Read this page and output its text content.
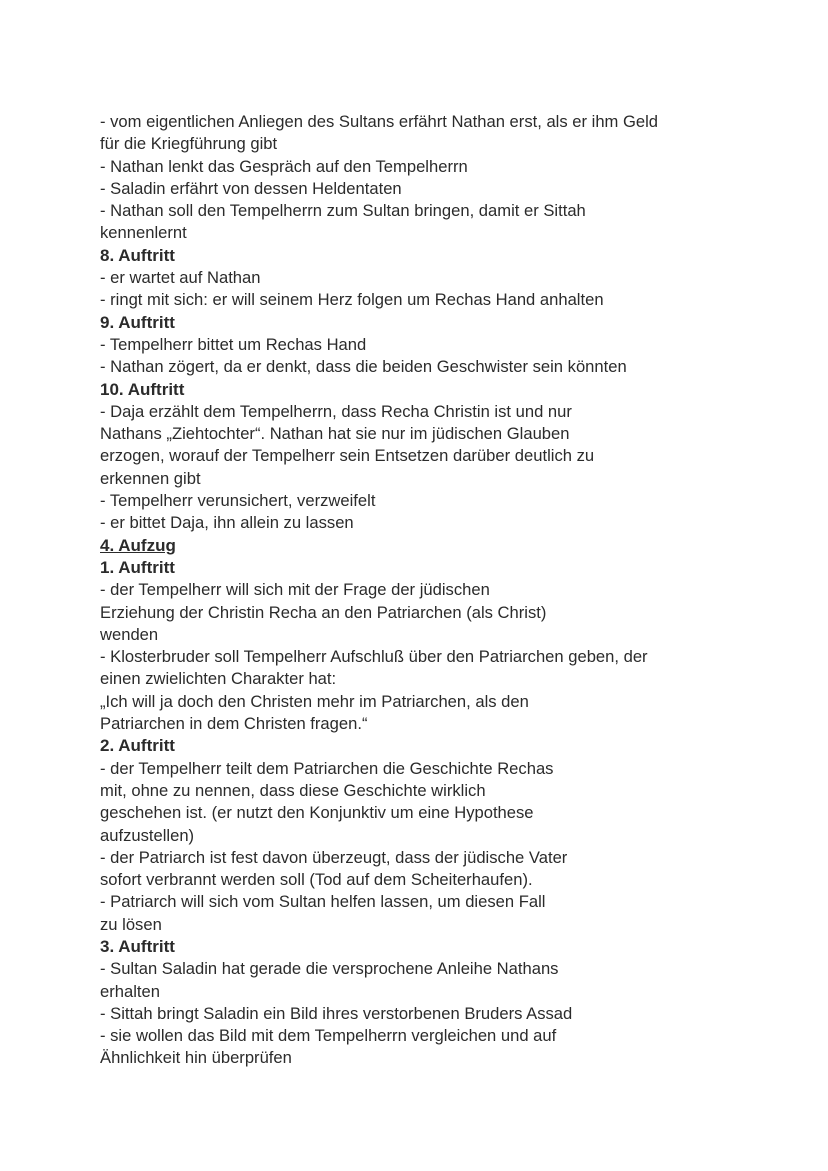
- vom eigentlichen Anliegen des Sultans erfährt Nathan erst, als er ihm Geld
für die Kriegführung gibt
- Nathan lenkt das Gespräch auf den Tempelherrn
- Saladin erfährt von dessen Heldentaten
- Nathan soll den Tempelherrn zum Sultan bringen, damit er Sittah
kennenlernt
8. Auftritt
- er wartet auf Nathan
- ringt mit sich: er will seinem Herz folgen um Rechas Hand anhalten
9. Auftritt
- Tempelherr bittet um Rechas Hand
- Nathan zögert, da er denkt, dass die beiden Geschwister sein könnten
10. Auftritt
- Daja erzählt dem Tempelherrn, dass Recha Christin ist und nur
Nathans „Ziehtochter“. Nathan hat sie nur im jüdischen Glauben
erzogen, worauf der Tempelherr sein Entsetzen darüber deutlich zu
erkennen gibt
- Tempelherr verunsichert, verzweifelt
- er bittet Daja, ihn allein zu lassen
4. Aufzug
1. Auftritt
- der Tempelherr will sich mit der Frage der jüdischen
Erziehung der Christin Recha an den Patriarchen (als Christ)
wenden
- Klosterbruder soll Tempelherr Aufschluß über den Patriarchen geben, der
einen zwielichten Charakter hat:
„Ich will ja doch den Christen mehr im Patriarchen, als den
Patriarchen in dem Christen fragen.“
2. Auftritt
- der Tempelherr teilt dem Patriarchen die Geschichte Rechas
mit, ohne zu nennen, dass diese Geschichte wirklich
geschehen ist. (er nutzt den Konjunktiv um eine Hypothese
aufzustellen)
- der Patriarch ist fest davon überzeugt, dass der jüdische Vater
sofort verbrannt werden soll (Tod auf dem Scheiterhaufen).
- Patriarch will sich vom Sultan helfen lassen, um diesen Fall
zu lösen
3. Auftritt
- Sultan Saladin hat gerade die versprochene Anleihe Nathans
erhalten
- Sittah bringt Saladin ein Bild ihres verstorbenen Bruders Assad
- sie wollen das Bild mit dem Tempelherrn vergleichen und auf
Ähnlichkeit hin überprüfen
